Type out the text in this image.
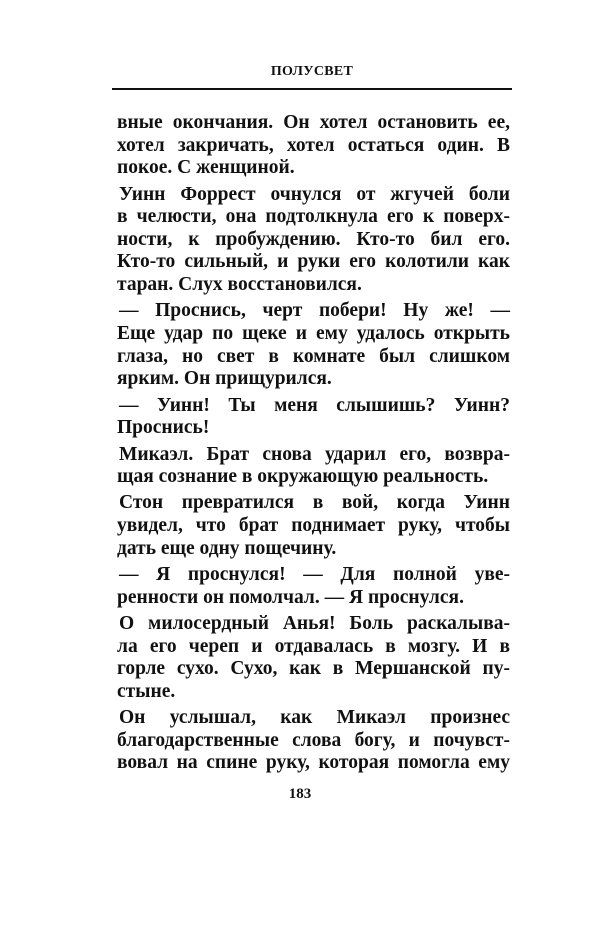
ПОЛУСВЕТ
вные окончания. Он хотел остановить ее,
хотел закричать, хотел остаться один. В
покое. С женщиной.
Уинн Форрест очнулся от жгучей боли
в челюсти, она подтолкнула его к поверх-
ности, к пробуждению. Кто-то бил его.
Кто-то сильный, и руки его колотили как
таран. Слух восстановился.
— Проснись, черт побери! Ну же! —
Еще удар по щеке и ему удалось открыть
глаза, но свет в комнате был слишком
ярким. Он прищурился.
— Уинн! Ты меня слышишь? Уинн?
Проснись!
Микаэл. Брат снова ударил его, возвра-
щая сознание в окружающую реальность.
Стон превратился в вой, когда Уинн
увидел, что брат поднимает руку, чтобы
дать еще одну пощечину.
— Я проснулся! — Для полной уве-
ренности он помолчал. — Я проснулся.
О милосердный Анья! Боль раскалыва-
ла его череп и отдавалась в мозгу. И в
горле сухо. Сухо, как в Мершанской пу-
стыне.
Он услышал, как Микаэл произнес
благодарственные слова богу, и почувст-
вовал на спине руку, которая помогла ему
183
